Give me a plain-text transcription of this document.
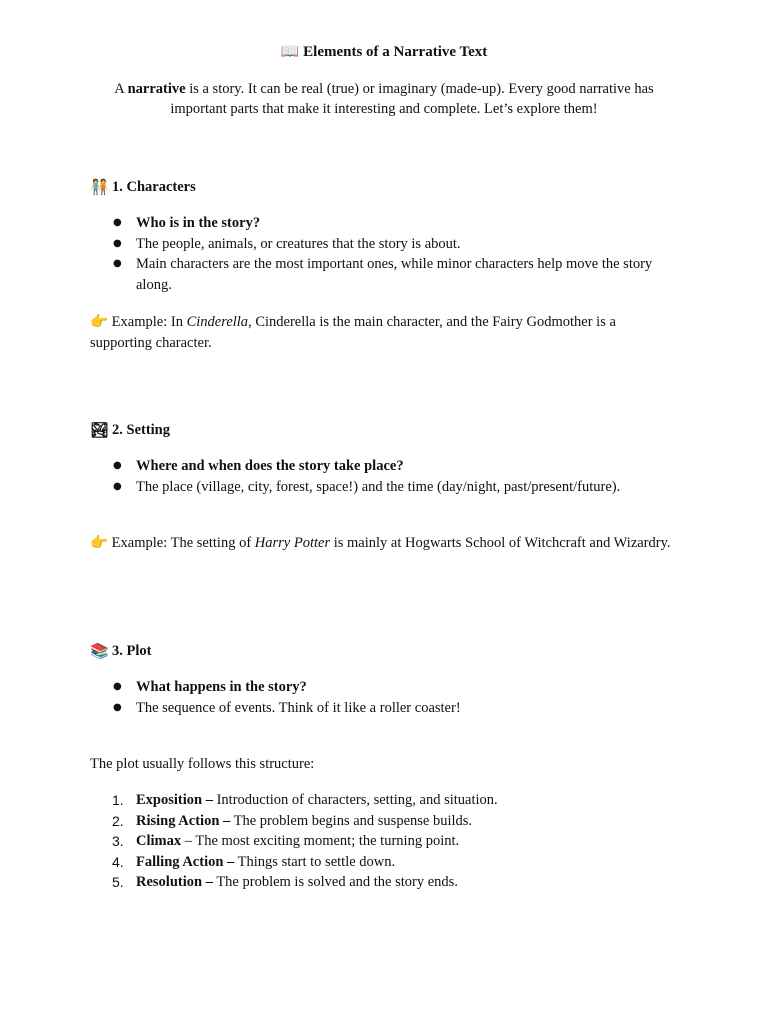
📖 Elements of a Narrative Text
A narrative is a story. It can be real (true) or imaginary (made-up). Every good narrative has important parts that make it interesting and complete. Let’s explore them!
🧑‍🤝‍🧑 1. Characters
● Who is in the story?
● The people, animals, or creatures that the story is about.
● Main characters are the most important ones, while minor characters help move the story along.
👉 Example: In Cinderella, Cinderella is the main character, and the Fairy Godmother is a supporting character.
🏞 2. Setting
● Where and when does the story take place?
● The place (village, city, forest, space!) and the time (day/night, past/present/future).
👉 Example: The setting of Harry Potter is mainly at Hogwarts School of Witchcraft and Wizardry.
📚 3. Plot
● What happens in the story?
● The sequence of events. Think of it like a roller coaster!
The plot usually follows this structure:
1. Exposition – Introduction of characters, setting, and situation.
2. Rising Action – The problem begins and suspense builds.
3. Climax – The most exciting moment; the turning point.
4. Falling Action – Things start to settle down.
5. Resolution – The problem is solved and the story ends.
